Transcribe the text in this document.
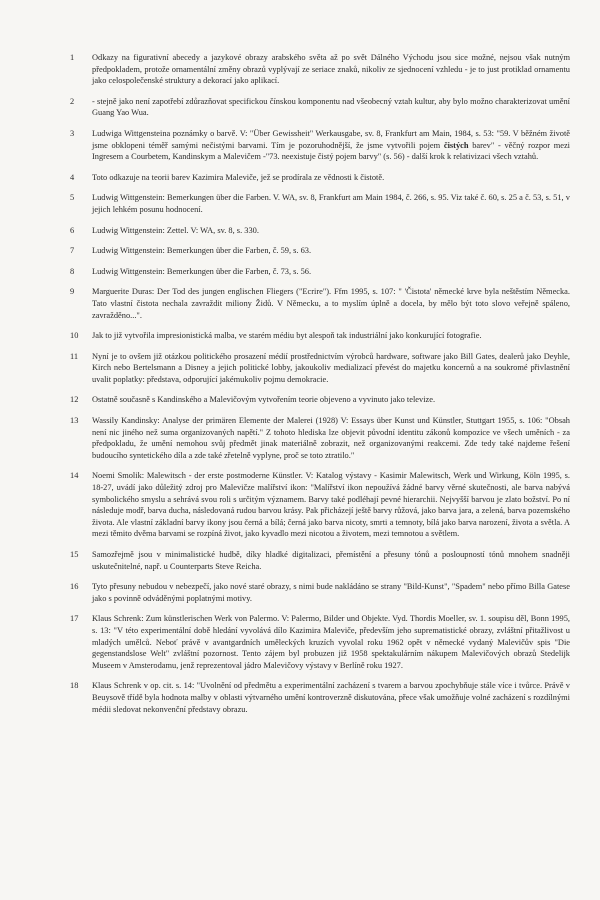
1	Odkazy na figurativní abecedy a jazykové obrazy arabského světa až po svět Dálného Východu jsou sice možné, nejsou však nutným předpokladem, protože ornamentální změny obrazů vyplývají ze seriace znaků, nikoliv ze sjednocení vzhledu - je to just protiklad ornamentu jako celospolečenské struktury a dekorací jako aplikací.
2	- stejně jako není zapotřebí zdůrazňovat specifickou čínskou komponentu nad všeobecný vztah kultur, aby bylo možno charakterizovat umění Guang Yao Wua.
3	Ludwiga Wittgensteina poznámky o barvě. V: "Über Gewissheit" Werkausgabe, sv. 8, Frankfurt am Main, 1984, s. 53: "59. V běžném životě jsme obklopeni téměř samými nečistými barvami. Tím je pozoruhodnější, že jsme vytvořili pojem čistých barev" - věčný rozpor mezi Ingresem a Courbetem, Kandinskym a Malevičem -"73. neexistuje čistý pojem barvy" (s. 56) - další krok k relativizaci všech vztahů.
4	Toto odkazuje na teorii barev Kazimira Maleviče, jež se prodírala ze vědnosti k čistotě.
5	Ludwig Wittgenstein: Bemerkungen über die Farben. V. WA, sv. 8, Frankfurt am Main 1984, č. 266, s. 95. Viz také č. 60, s. 25 a č. 53, s. 51, v jejich lehkém posunu hodnocení.
6	Ludwig Wittgenstein: Zettel. V: WA, sv. 8, s. 330.
7	Ludwig Wittgenstein: Bemerkungen über die Farben, č. 59, s. 63.
8	Ludwig Wittgenstein: Bemerkungen über die Farben, č. 73, s. 56.
9	Marguerite Duras: Der Tod des jungen englischen Fliegers ("Ecrire"). Ffm 1995, s. 107: " 'Čistota' německé krve byla neštěstím Německa. Tato vlastní čistota nechala zavraždit miliony Židů. V Německu, a to myslím úplně a docela, by mělo být toto slovo veřejně spáleno, zavražděno...".
10	Jak to již vytvořila impresionistická malba, ve starém médiu byt alespoň tak industriální jako konkurující fotografie.
11	Nyní je to ovšem již otázkou politického prosazení médií prostřednictvím výrobců hardware, software jako Bill Gates, dealerů jako Deyhle, Kirch nebo Bertelsmann a Disney a jejich politické lobby, jakoukoliv medializací převést do majetku koncernů a na soukromé přivlastnění uvalit poplatky: představa, odporující jakémukoliv pojmu demokracie.
12	Ostatně současně s Kandinského a Malevičovým vytvořením teorie objeveno a vyvinuto jako televize.
13	Wassily Kandinsky: Analyse der primären Elemente der Malerei (1928) V: Essays über Kunst und Künstler, Stuttgart 1955, s. 106: "Obsah není nic jiného než suma organizovaných napětí." Z tohoto hlediska lze objevit původní identitu zákonů kompozice ve všech uměních - za předpokladu, že umění nemohou svůj předmět jinak materiálně zobrazit, než organizovanými reakcemi. Zde tedy také najdeme řešení budoucího syntetického díla a zde také zřetelně vyplyne, proč se toto ztratilo."
14	Noemi Smolik: Malewitsch - der erste postmoderne Künstler. V: Katalog výstavy - Kasimir Malewitsch, Werk und Wirkung, Köln 1995, s. 18-27, uvádí jako důležitý zdroj pro Malevičze malířství ikon: "Malířství ikon nepoužívá žádné barvy věrné skutečnosti, ale barva nabývá symbolického smyslu a sehrává svou roli s určitým významem. Barvy také podléhají pevné hierarchii. Nejvyšší barvou je zlato božství. Po ní následuje modř, barva ducha, následovaná rudou barvou krásy. Pak přicházejí ještě barvy růžová, jako barva jara, a zelená, barva pozemského života. Ale vlastní základní barvy ikony jsou černá a bílá; černá jako barva nicoty, smrti a temnoty, bílá jako barva narození, života a světla. A mezi těmito dvěma barvami se rozpíná život, jako kyvadlo mezi nicotou a životem, mezi temnotou a světlem.
15	Samozřejmě jsou v minimalistické hudbě, díky hladké digitalizaci, přemístění a přesuny tónů a posloupností tónů mnohem snadněji uskutečnitelné, např. u Counterparts Steve Reicha.
16	Tyto přesuny nebudou v nebezpečí, jako nové staré obrazy, s nimi bude nakládáno se strany "Bild-Kunst", "Spadem" nebo přímo Billa Gatese jako s povinně odváděnými poplatnými motivy.
17	Klaus Schrenk: Zum künstlerischen Werk von Palermo. V: Palermo, Bilder und Objekte. Vyd. Thordis Moeller, sv. 1. soupisu děl, Bonn 1995, s. 13: "V této experimentální době hledání vyvolává dílo Kazimira Maleviče, především jeho suprematistické obrazy, zvláštní přitažlivost u mladých umělců. Neboť právě v avantgardních uměleckých kruzích vyvolal roku 1962 opět v německé vydaný Malevičův spis "Die gegenstandslose Welt" zvláštní pozornost. Tento zájem byl probuzen již 1958 spektakulárním nákupem Malevičových obrazů Stedelijk Museem v Amsterodamu, jenž reprezentoval jádro Malevičovy výstavy v Berlíně roku 1927.
18	Klaus Schrenk v op. cit. s. 14: "Uvolnění od předmětu a experimentální zacházení s tvarem a barvou zpochybňuje stále více i tvůrce. Právě v Beuysově třídě byla hodnota malby v oblasti výtvarného umění kontroverzně diskutována, přece však umožňuje volné zacházení s rozdílnými médii sledovat nekonvenční představy obrazu.
